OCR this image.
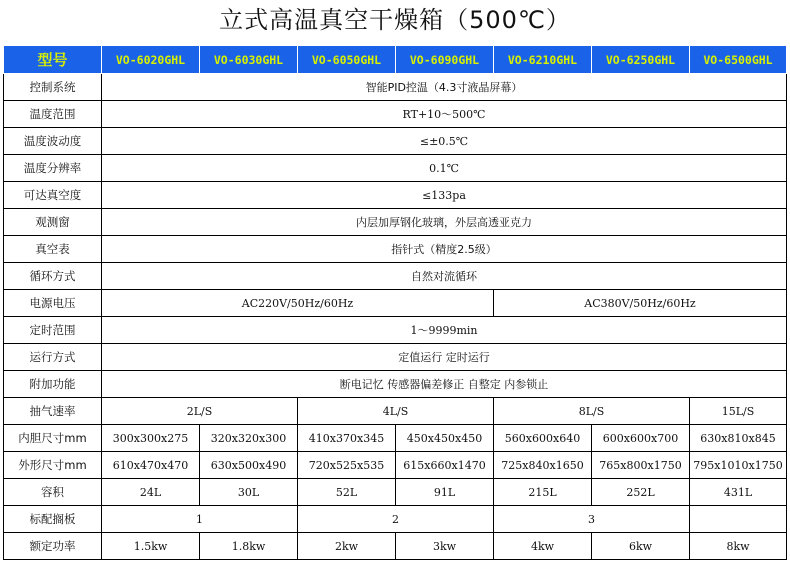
立式高温真空干燥箱（500℃）
型号	VO-6020GHL	VO-6030GHL	VO-6050GHL	VO-6090GHL	VO-6210GHL	VO-6250GHL	VO-6500GHL
控制系统	智能PID控温（4.3寸液晶屏幕）						
温度范围	RT+10～500℃						
温度波动度	≤±0.5℃						
温度分辨率	0.1℃						
可达真空度	≤133pa						
观测窗	内层加厚钢化玻璃，外层高透亚克力						
真空表	指针式（精度2.5级）						
循环方式	自然对流循环						
电源电压	AC220V/50Hz/60Hz				AC380V/50Hz/60Hz		
定时范围	1～9999min						
运行方式	定值运行 定时运行						
附加功能	断电记忆 传感器偏差修正 自整定 内参锁止						
抽气速率	2L/S		4L/S		8L/S		15L/S
内胆尺寸mm	300x300x275	320x320x300	410x370x345	450x450x450	560x600x640	600x600x700	630x810x845
外形尺寸mm	610x470x470	630x500x490	720x525x535	615x660x1470	725x840x1650	765x800x1750	795x1010x1750
容积	24L	30L	52L	91L	215L	252L	431L
标配搁板	1		2		3		
额定功率	1.5kw	1.8kw	2kw	3kw	4kw	6kw	8kw
